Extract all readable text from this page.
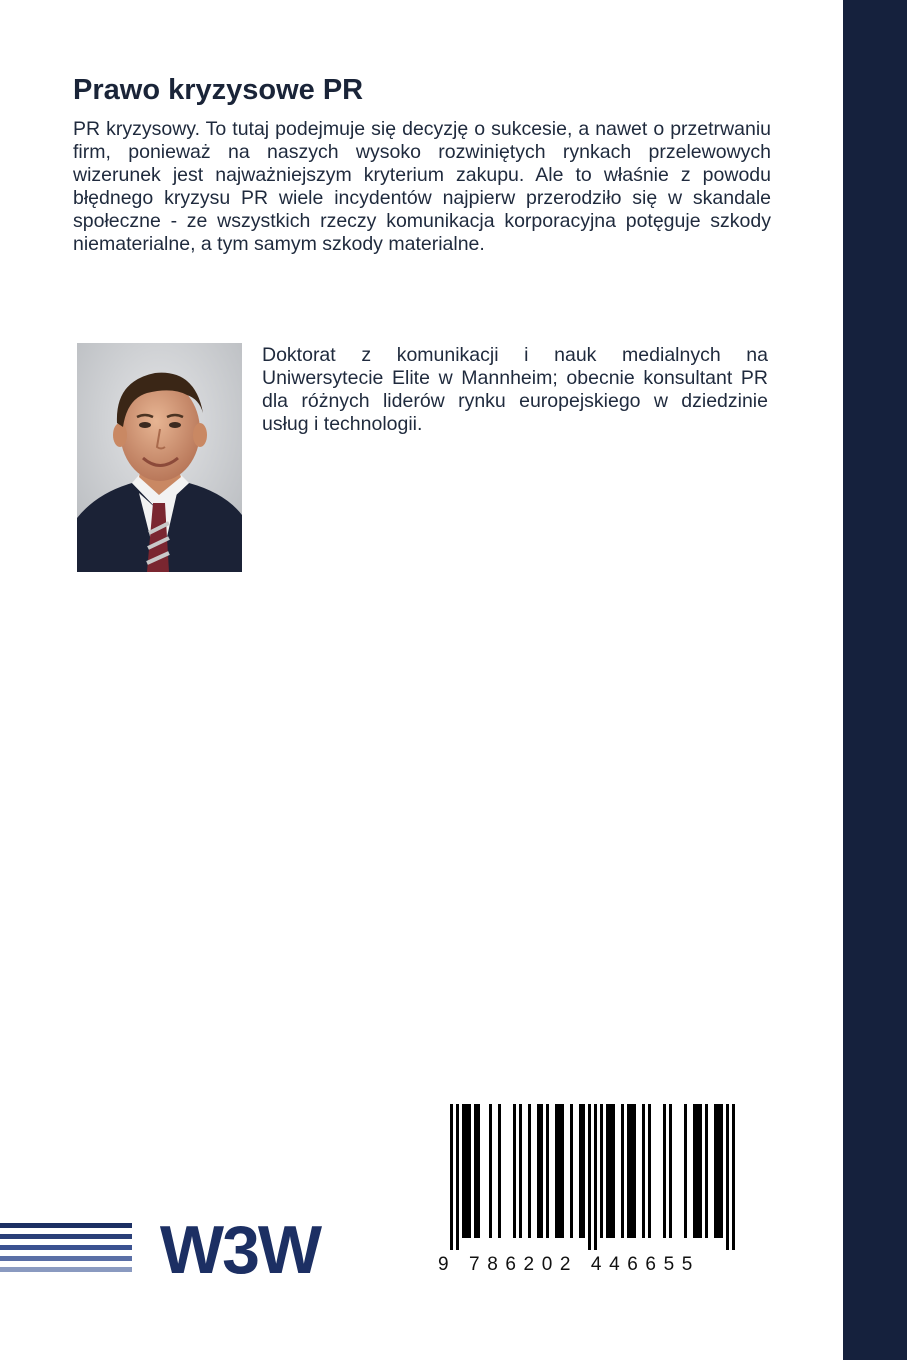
Prawo kryzysowe PR

PR kryzysowy. To tutaj podejmuje się decyzję o sukcesie, a nawet o przetrwaniu firm, ponieważ na naszych wysoko rozwiniętych rynkach przelewowych wizerunek jest najważniejszym kryterium zakupu. Ale to właśnie z powodu błędnego kryzysu PR wiele incydentów najpierw przerodziło się w skandale społeczne - ze wszystkich rzeczy komunikacja korporacyjna potęguje szkody niematerialne, a tym samym szkody materialne.

Doktorat z komunikacji i nauk medialnych na Uniwersytecie Elite w Mannheim; obecnie konsultant PR dla różnych liderów rynku europejskiego w dziedzinie usług i technologii.

W3W	9 786202 446655
